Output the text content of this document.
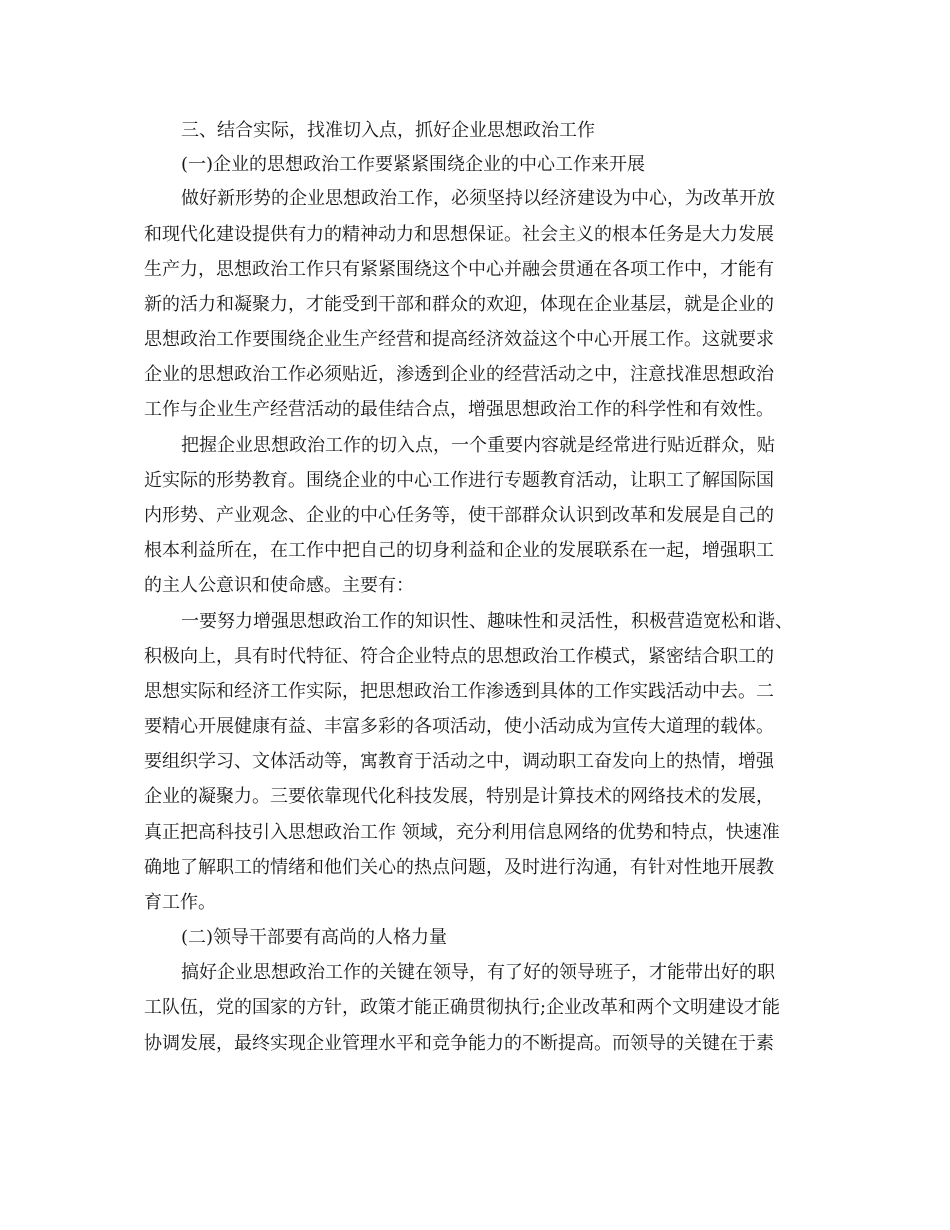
三、结合实际，找准切入点，抓好企业思想政治工作
(一)企业的思想政治工作要紧紧围绕企业的中心工作来开展
做好新形势的企业思想政治工作，必须坚持以经济建设为中心，为改革开放
和现代化建设提供有力的精神动力和思想保证。社会主义的根本任务是大力发展
生产力，思想政治工作只有紧紧围绕这个中心并融会贯通在各项工作中，才能有
新的活力和凝聚力，才能受到干部和群众的欢迎，体现在企业基层，就是企业的
思想政治工作要围绕企业生产经营和提高经济效益这个中心开展工作。这就要求
企业的思想政治工作必须贴近，渗透到企业的经营活动之中，注意找准思想政治
工作与企业生产经营活动的最佳结合点，增强思想政治工作的科学性和有效性。
把握企业思想政治工作的切入点，一个重要内容就是经常进行贴近群众，贴
近实际的形势教育。围绕企业的中心工作进行专题教育活动，让职工了解国际国
内形势、产业观念、企业的中心任务等，使干部群众认识到改革和发展是自己的
根本利益所在，在工作中把自己的切身利益和企业的发展联系在一起，增强职工
的主人公意识和使命感。主要有：
一要努力增强思想政治工作的知识性、趣味性和灵活性，积极营造宽松和谐、
积极向上，具有时代特征、符合企业特点的思想政治工作模式，紧密结合职工的
思想实际和经济工作实际，把思想政治工作渗透到具体的工作实践活动中去。二
要精心开展健康有益、丰富多彩的各项活动，使小活动成为宣传大道理的载体。
要组织学习、文体活动等，寓教育于活动之中，调动职工奋发向上的热情，增强
企业的凝聚力。三要依靠现代化科技发展，特别是计算技术的网络技术的发展，
真正把高科技引入思想政治工作 领域，充分利用信息网络的优势和特点，快速准
确地了解职工的情绪和他们关心的热点问题，及时进行沟通，有针对性地开展教
育工作。
(二)领导干部要有高尚的人格力量
搞好企业思想政治工作的关键在领导，有了好的领导班子，才能带出好的职
工队伍，党的国家的方针，政策才能正确贯彻执行;企业改革和两个文明建设才能
协调发展，最终实现企业管理水平和竞争能力的不断提高。而领导的关键在于素
